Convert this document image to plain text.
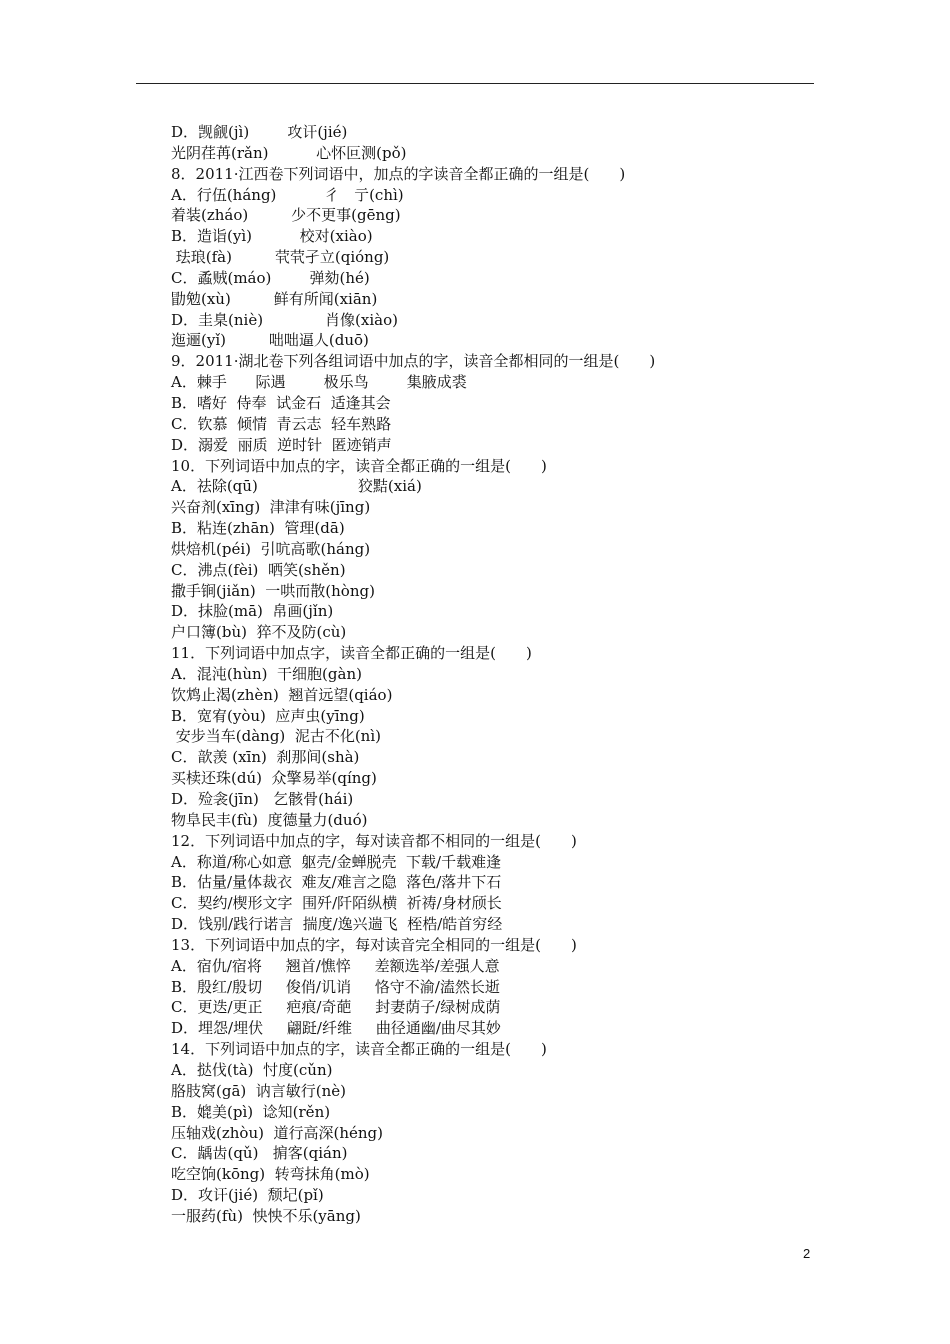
D．觊觎(jì)        攻讦(jié)
光阴荏苒(rǎn)          心怀叵测(pǒ)
8．2011·江西卷下列词语中，加点的字读音全都正确的一组是(　　)
A．行伍(háng)          彳　亍(chì)
着装(zháo)         少不更事(gēng)
B．造诣(yì)          校对(xiào)
珐琅(fà)         茕茕孑立(qióng)
C．蟊贼(máo)        弹劾(hé)
勖勉(xù)         鲜有所闻(xiān)
D．圭臬(niè)             肖像(xiào)
迤逦(yǐ)         咄咄逼人(duō)
9．2011·湖北卷下列各组词语中加点的字，读音全都相同的一组是(　　)
A．棘手      际遇        极乐鸟        集腋成裘
B．嗜好  侍奉  试金石  适逢其会
C．钦慕  倾情  青云志  轻车熟路
D．溺爱  丽质  逆时针  匿迹销声
10．下列词语中加点的字，读音全都正确的一组是(　　)
A．祛除(qū)                     狡黠(xiá)
兴奋剂(xīng)  津津有味(jīng)
B．粘连(zhān)  管理(dā)
烘焙机(péi)  引吭高歌(háng)
C．沸点(fèi)  哂笑(shěn)
撒手锏(jiǎn)  一哄而散(hòng)
D．抹脸(mā)  帛画(jǐn)
户口簿(bù)  猝不及防(cù)
11．下列词语中加点字，读音全都正确的一组是(　　)
A．混沌(hùn)  干细胞(gàn)
饮鸩止渴(zhèn)  翘首远望(qiáo)
B．宽宥(yòu)  应声虫(yīng)
安步当车(dàng)  泥古不化(nì)
C．歆羡 (xīn)  刹那间(shà)
买椟还珠(dú)  众擎易举(qíng)
D．殓衾(jīn)   乞骸骨(hái)
物阜民丰(fù)  度德量力(duó)
12．下列词语中加点的字，每对读音都不相同的一组是(　　)
A．称道/称心如意  躯壳/金蝉脱壳  下载/千载难逢
B．估量/量体裁衣  难友/难言之隐  落色/落井下石
C．契约/楔形文字  围歼/阡陌纵横  祈祷/身材颀长
D．饯别/践行诺言  揣度/逸兴遄飞  桎梏/皓首穷经
13．下列词语中加点的字，每对读音完全相同的一组是(　　)
A．宿仇/宿将     翘首/憔悴     差额选举/差强人意
B．殷红/殷切     俊俏/讥诮     恪守不渝/溘然长逝
C．更迭/更正     疤痕/奇葩     封妻荫子/绿树成荫
D．埋怨/埋伏     翩跹/纤维     曲径通幽/曲尽其妙
14．下列词语中加点的字，读音全都正确的一组是(　　)
A．挞伐(tà)  忖度(cǔn)
胳肢窝(gā)  讷言敏行(nè)
B．媲美(pì)  谂知(rěn)
压轴戏(zhòu)  道行高深(héng)
C．龋齿(qǔ)   掮客(qián)
吃空饷(kōng)  转弯抹角(mò)
D．攻讦(jié)  颓圮(pǐ)
一服药(fù)  怏怏不乐(yāng)
2
